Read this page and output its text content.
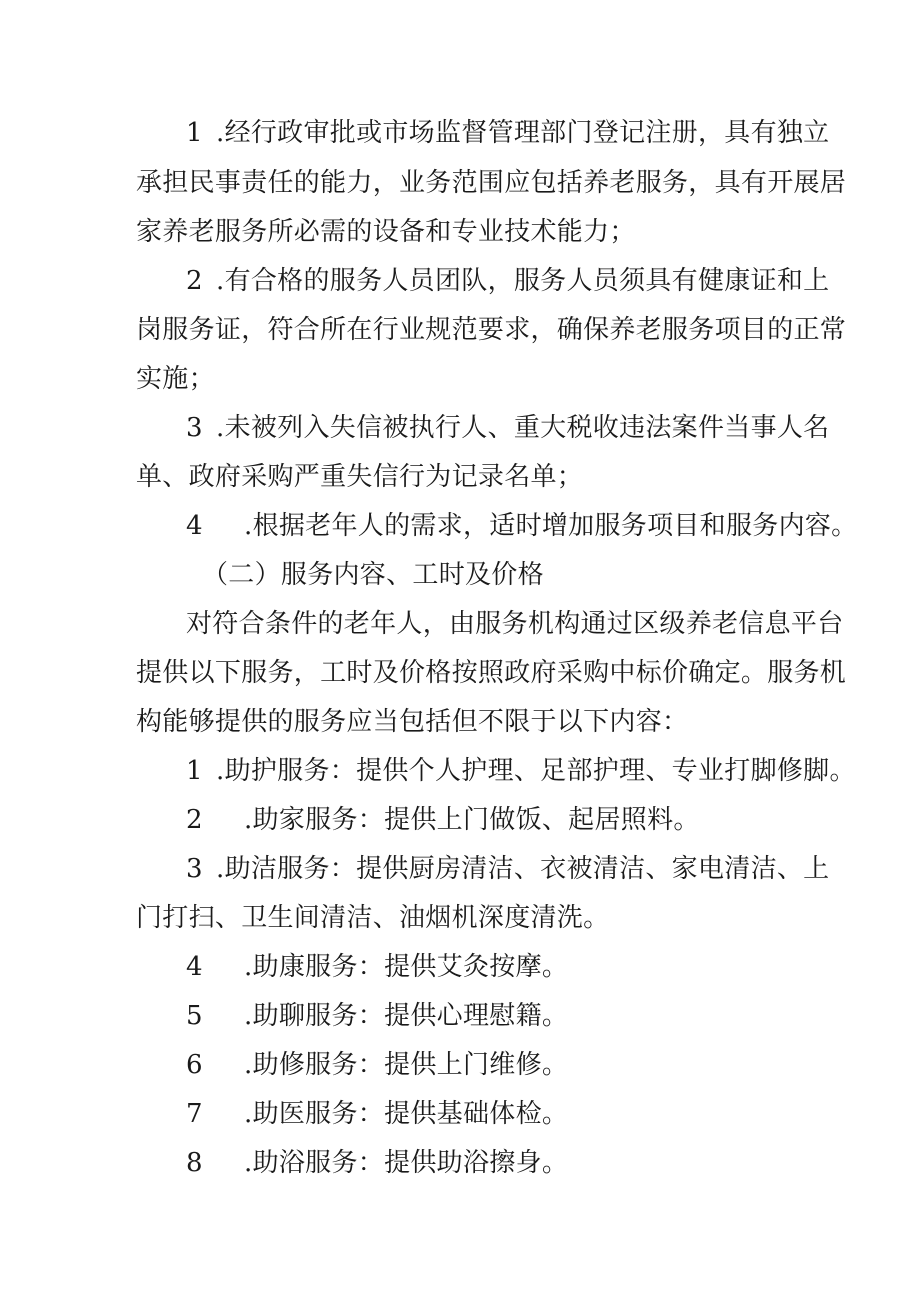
1 .经行政审批或市场监督管理部门登记注册，具有独立
承担民事责任的能力，业务范围应包括养老服务，具有开展居
家养老服务所必需的设备和专业技术能力；
2 .有合格的服务人员团队，服务人员须具有健康证和上
岗服务证，符合所在行业规范要求，确保养老服务项目的正常
实施；
3 .未被列入失信被执行人、重大税收违法案件当事人名
单、政府采购严重失信行为记录名单；
4 .根据老年人的需求，适时增加服务项目和服务内容。
（二）服务内容、工时及价格
对符合条件的老年人，由服务机构通过区级养老信息平台
提供以下服务，工时及价格按照政府采购中标价确定。服务机
构能够提供的服务应当包括但不限于以下内容：
1 .助护服务：提供个人护理、足部护理、专业打脚修脚。
2 .助家服务：提供上门做饭、起居照料。
3 .助洁服务：提供厨房清洁、衣被清洁、家电清洁、上
门打扫、卫生间清洁、油烟机深度清洗。
4 .助康服务：提供艾灸按摩。
5 .助聊服务：提供心理慰籍。
6 .助修服务：提供上门维修。
7 .助医服务：提供基础体检。
8 .助浴服务：提供助浴擦身。
